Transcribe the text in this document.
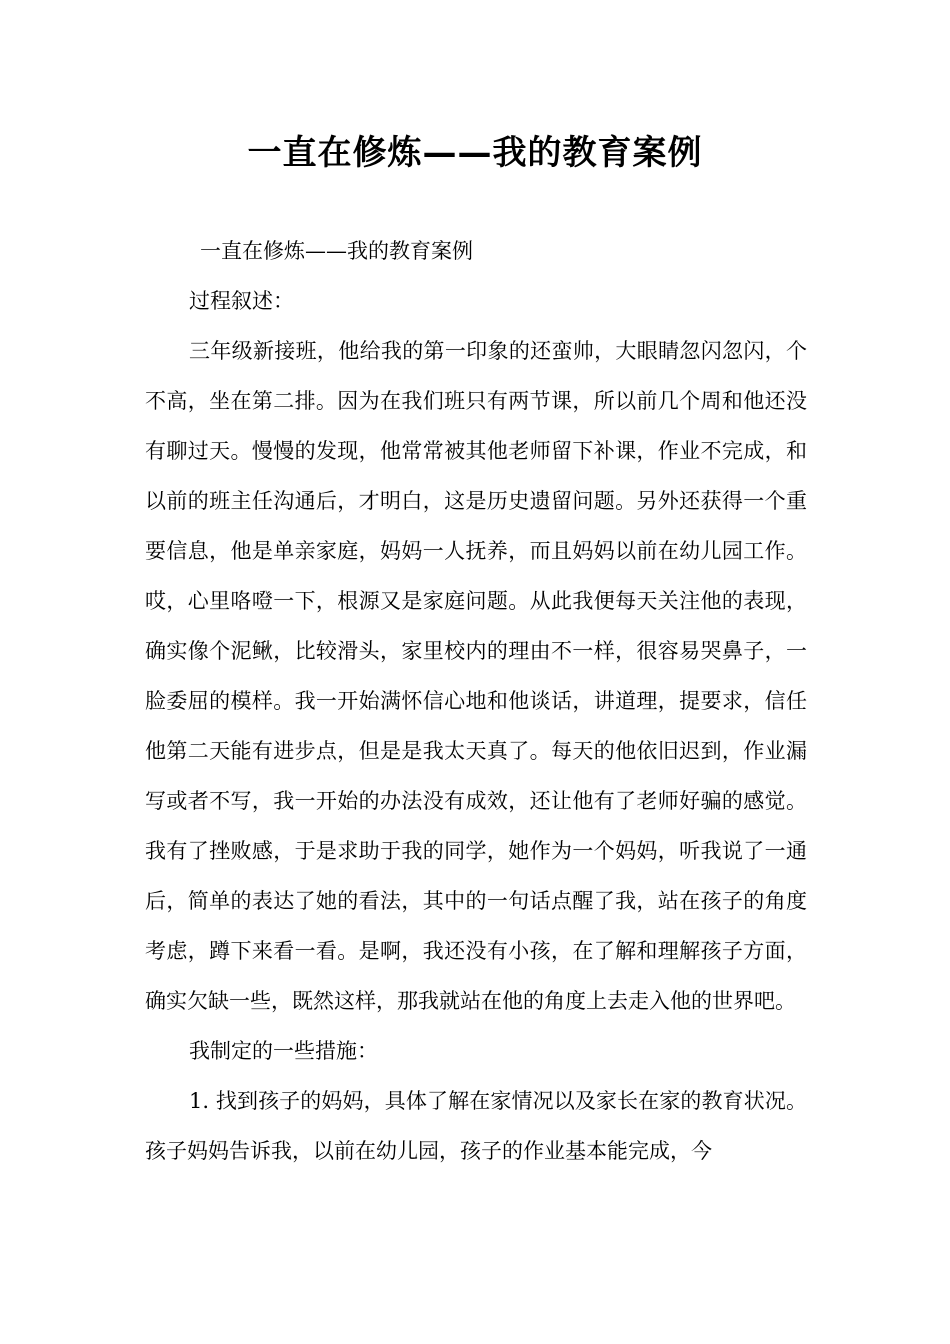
一直在修炼——我的教育案例

一直在修炼——我的教育案例

过程叙述：

三年级新接班，他给我的第一印象的还蛮帅，大眼睛忽闪忽闪，个不高，坐在第二排。因为在我们班只有两节课，所以前几个周和他还没有聊过天。慢慢的发现，他常常被其他老师留下补课，作业不完成，和以前的班主任沟通后，才明白，这是历史遗留问题。另外还获得一个重要信息，他是单亲家庭，妈妈一人抚养，而且妈妈以前在幼儿园工作。哎，心里咯噔一下，根源又是家庭问题。从此我便每天关注他的表现，确实像个泥鳅，比较滑头，家里校内的理由不一样，很容易哭鼻子，一脸委屈的模样。我一开始满怀信心地和他谈话，讲道理，提要求，信任他第二天能有进步点，但是是我太天真了。每天的他依旧迟到，作业漏写或者不写，我一开始的办法没有成效，还让他有了老师好骗的感觉。我有了挫败感，于是求助于我的同学，她作为一个妈妈，听我说了一通后，简单的表达了她的看法，其中的一句话点醒了我，站在孩子的角度考虑，蹲下来看一看。是啊，我还没有小孩，在了解和理解孩子方面，确实欠缺一些，既然这样，那我就站在他的角度上去走入他的世界吧。

我制定的一些措施：

1. 找到孩子的妈妈，具体了解在家情况以及家长在家的教育状况。孩子妈妈告诉我，以前在幼儿园，孩子的作业基本能完成，今
